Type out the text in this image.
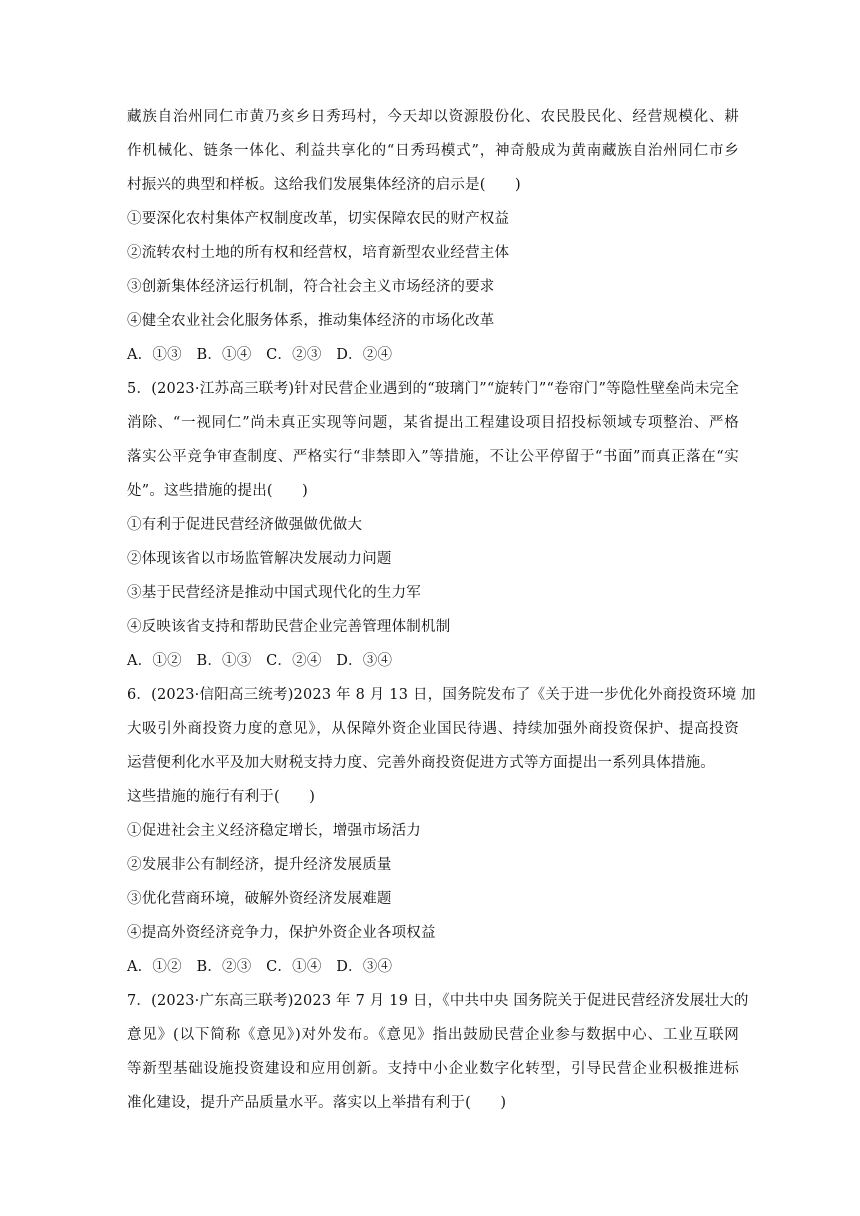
藏族自治州同仁市黄乃亥乡日秀玛村，今天却以资源股份化、农民股民化、经营规模化、耕
作机械化、链条一体化、利益共享化的“日秀玛模式”，神奇般成为黄南藏族自治州同仁市乡
村振兴的典型和样板。这给我们发展集体经济的启示是(　　)
①要深化农村集体产权制度改革，切实保障农民的财产权益
②流转农村土地的所有权和经营权，培育新型农业经营主体
③创新集体经济运行机制，符合社会主义市场经济的要求
④健全农业社会化服务体系，推动集体经济的市场化改革
A．①③　B．①④　C．②③　D．②④
5．(2023·江苏高三联考)针对民营企业遇到的“玻璃门”“旋转门”“卷帘门”等隐性壁垒尚未完全
消除、“一视同仁”尚未真正实现等问题，某省提出工程建设项目招投标领域专项整治、严格
落实公平竞争审查制度、严格实行“非禁即入”等措施，不让公平停留于“书面”而真正落在“实
处”。这些措施的提出(　　)
①有利于促进民营经济做强做优做大
②体现该省以市场监管解决发展动力问题
③基于民营经济是推动中国式现代化的生力军
④反映该省支持和帮助民营企业完善管理体制机制
A．①②　B．①③　C．②④　D．③④
6．(2023·信阳高三统考)2023 年 8 月 13 日，国务院发布了《关于进一步优化外商投资环境 加
大吸引外商投资力度的意见》，从保障外资企业国民待遇、持续加强外商投资保护、提高投资
运营便利化水平及加大财税支持力度、完善外商投资促进方式等方面提出一系列具体措施。
这些措施的施行有利于(　　)
①促进社会主义经济稳定增长，增强市场活力
②发展非公有制经济，提升经济发展质量
③优化营商环境，破解外资经济发展难题
④提高外资经济竞争力，保护外资企业各项权益
A．①②　B．②③　C．①④　D．③④
7．(2023·广东高三联考)2023 年 7 月 19 日，《中共中央 国务院关于促进民营经济发展壮大的
意见》(以下简称《意见》)对外发布。《意见》指出鼓励民营企业参与数据中心、工业互联网
等新型基础设施投资建设和应用创新。支持中小企业数字化转型，引导民营企业积极推进标
准化建设，提升产品质量水平。落实以上举措有利于(　　)
